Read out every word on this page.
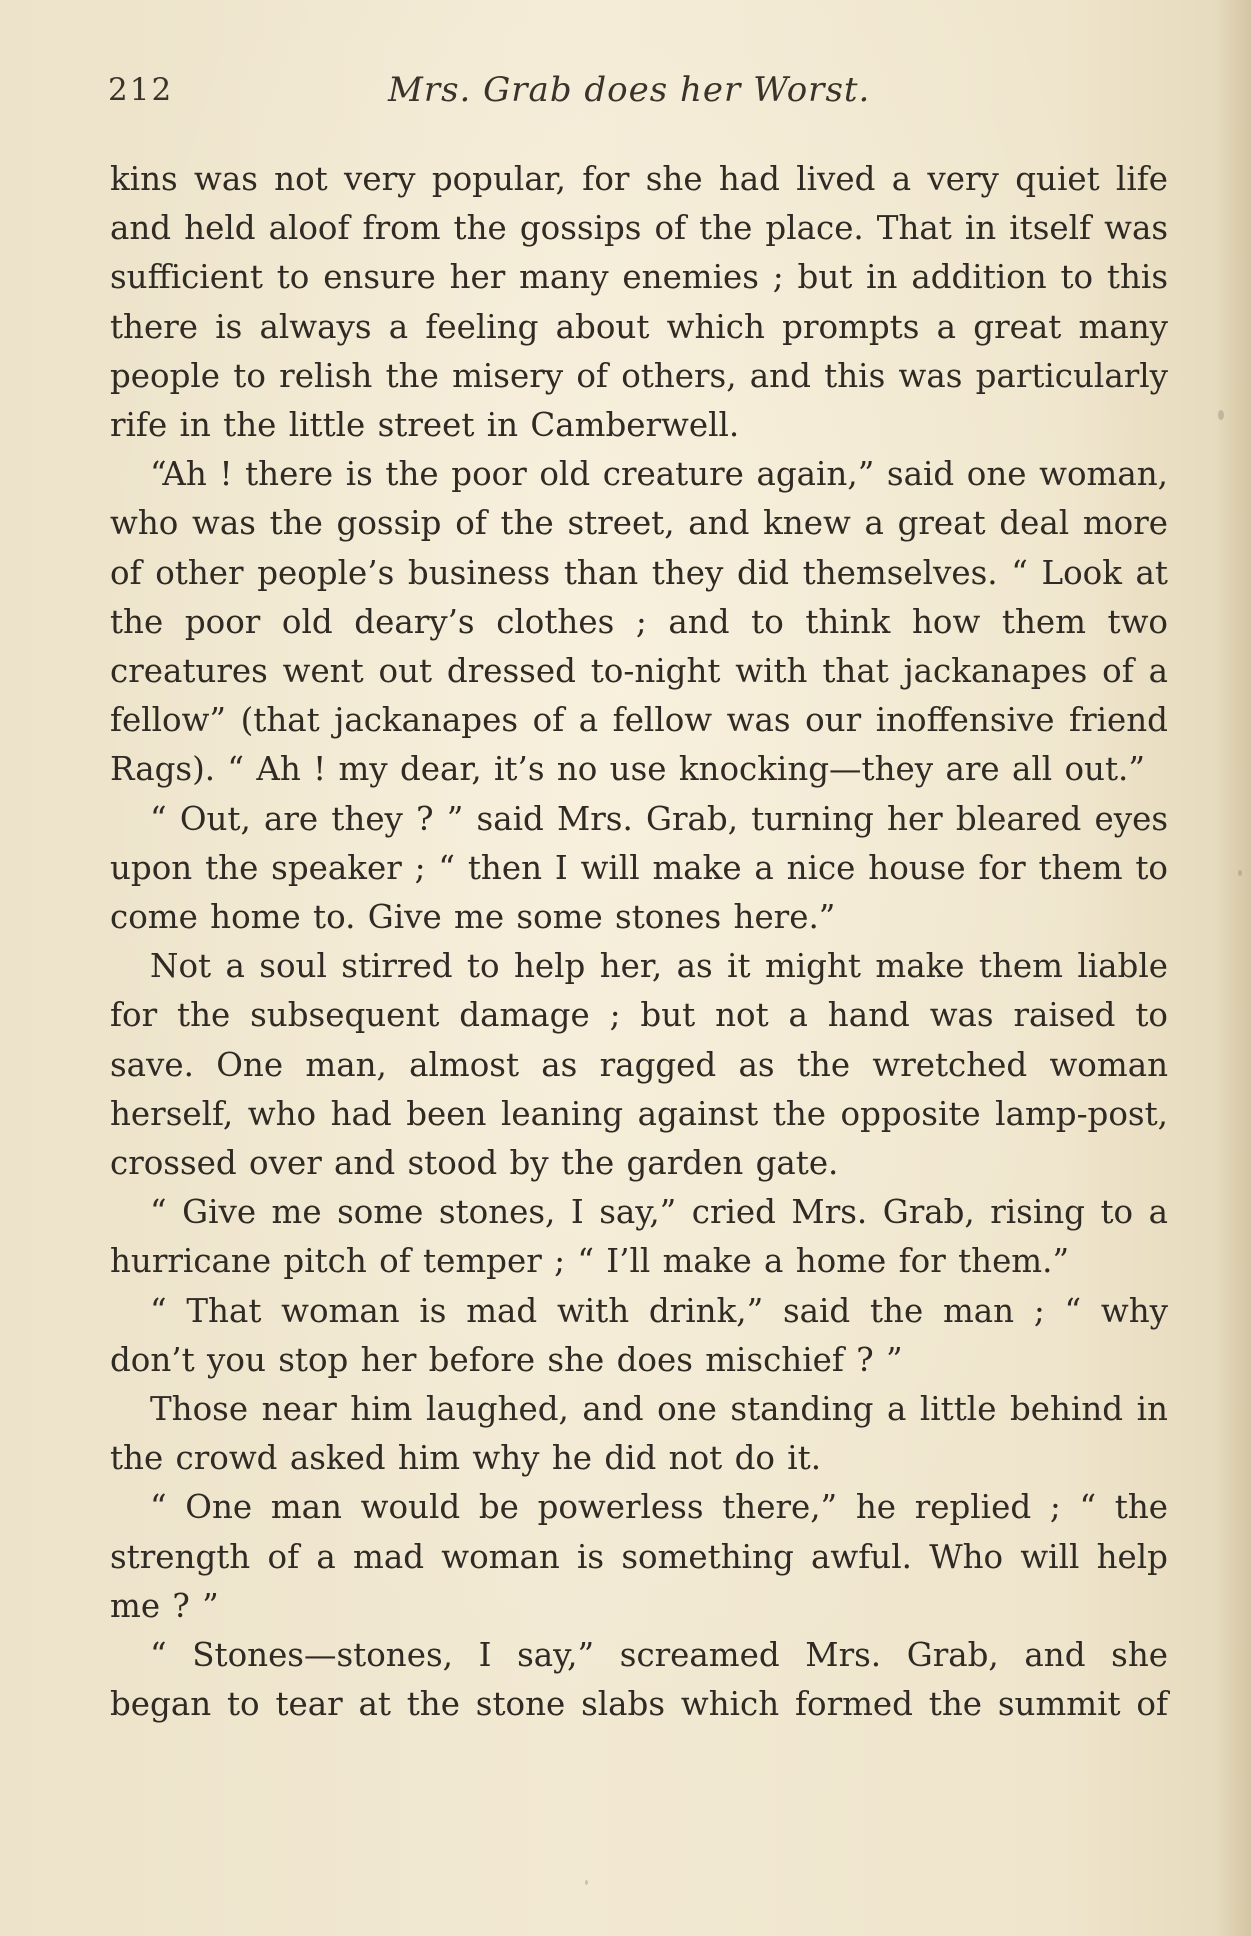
212	Mrs. Grab does her Worst.

kins was not very popular, for she had lived a very quiet life and held aloof from the gossips of the place. That in itself was sufficient to ensure her many enemies ; but in addition to this there is always a feeling about which prompts a great many people to relish the misery of others, and this was particularly rife in the little street in Camberwell.

“Ah ! there is the poor old creature again,” said one woman, who was the gossip of the street, and knew a great deal more of other people’s business than they did themselves. “ Look at the poor old deary’s clothes ; and to think how them two creatures went out dressed to-night with that jackanapes of a fellow” (that jackanapes of a fellow was our inoffensive friend Rags). “ Ah ! my dear, it’s no use knocking—they are all out.”

“ Out, are they ? ” said Mrs. Grab, turning her bleared eyes upon the speaker ; “ then I will make a nice house for them to come home to. Give me some stones here.”

Not a soul stirred to help her, as it might make them liable for the subsequent damage ; but not a hand was raised to save. One man, almost as ragged as the wretched woman herself, who had been leaning against the opposite lamp-post, crossed over and stood by the garden gate.

“ Give me some stones, I say,” cried Mrs. Grab, rising to a hurricane pitch of temper ; “ I’ll make a home for them.”

“ That woman is mad with drink,” said the man ; “ why don’t you stop her before she does mischief ? ”

Those near him laughed, and one standing a little behind in the crowd asked him why he did not do it.

“ One man would be powerless there,” he replied ; “ the strength of a mad woman is something awful. Who will help me ? ”

“ Stones—stones, I say,” screamed Mrs. Grab, and she began to tear at the stone slabs which formed the summit of
